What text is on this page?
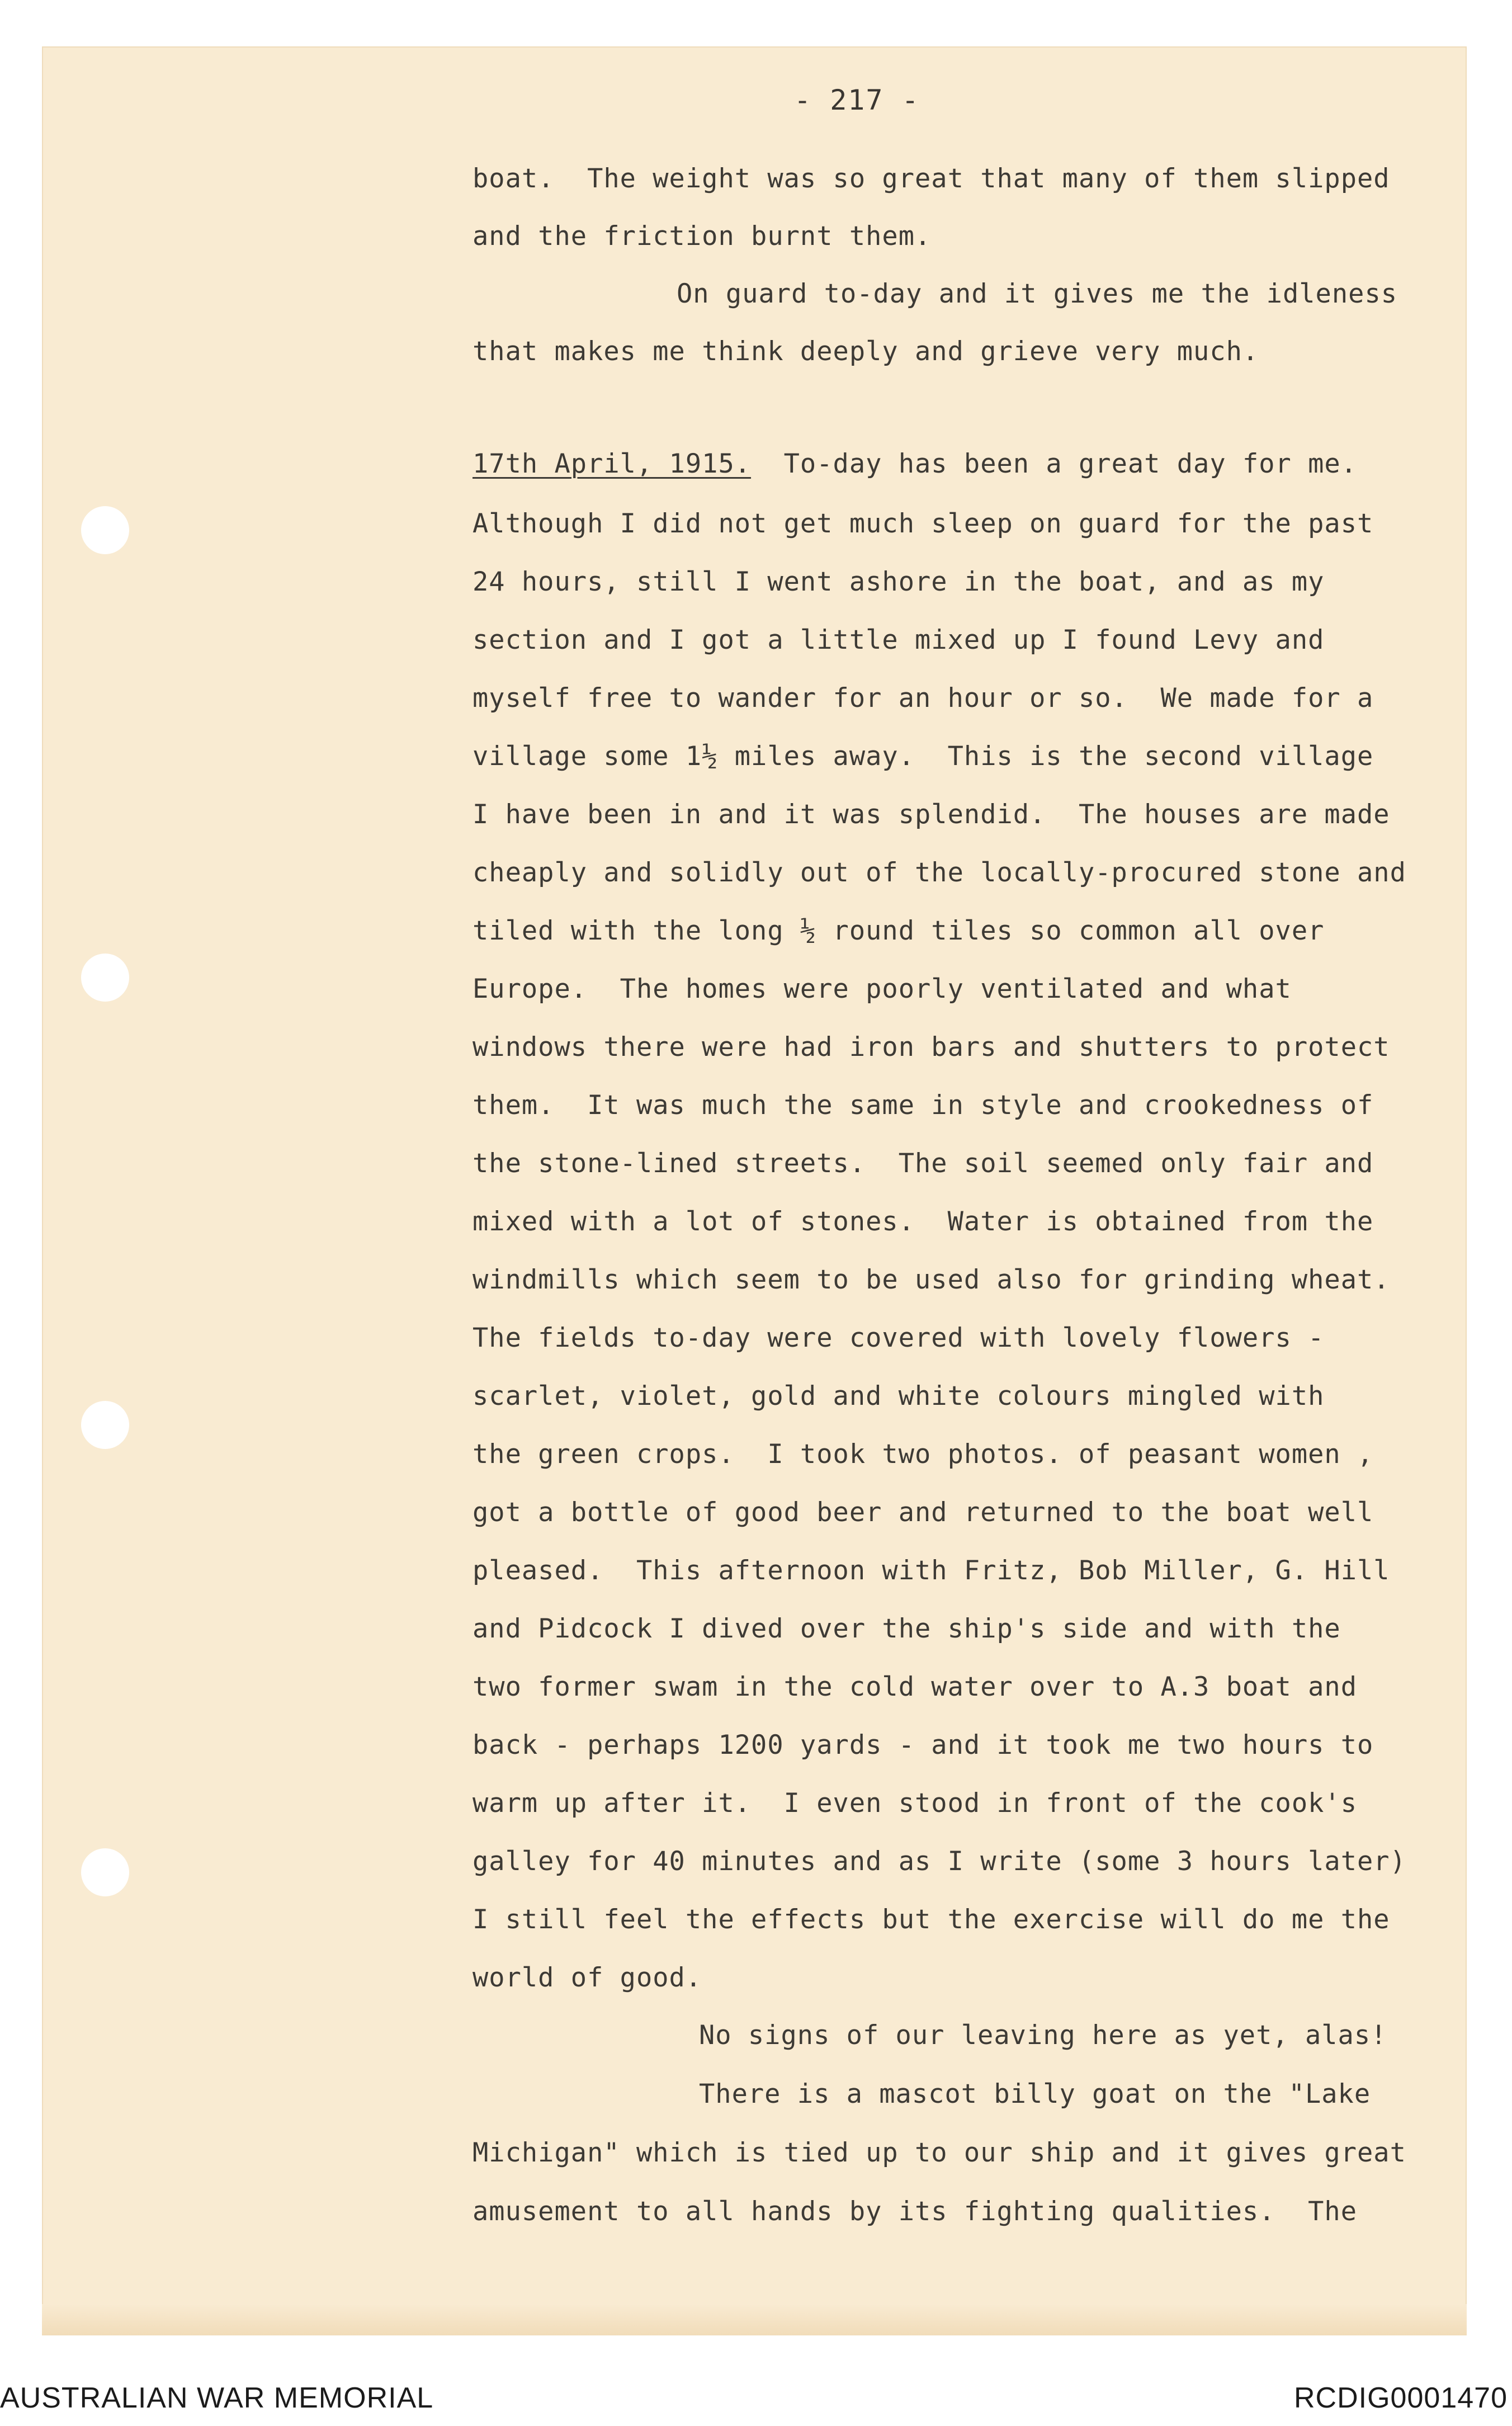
- 217 -
boat.  The weight was so great that many of them slipped
and the friction burnt them.
On guard to-day and it gives me the idleness
that makes me think deeply and grieve very much.
17th April, 1915.  To-day has been a great day for me.
Although I did not get much sleep on guard for the past
24 hours, still I went ashore in the boat, and as my
section and I got a little mixed up I found Levy and
myself free to wander for an hour or so.  We made for a
village some 1½ miles away.  This is the second village
I have been in and it was splendid.  The houses are made
cheaply and solidly out of the locally-procured stone and
tiled with the long ½ round tiles so common all over
Europe.  The homes were poorly ventilated and what
windows there were had iron bars and shutters to protect
them.  It was much the same in style and crookedness of
the stone-lined streets.  The soil seemed only fair and
mixed with a lot of stones.  Water is obtained from the
windmills which seem to be used also for grinding wheat.
The fields to-day were covered with lovely flowers -
scarlet, violet, gold and white colours mingled with
the green crops.  I took two photos. of peasant women ,
got a bottle of good beer and returned to the boat well
pleased.  This afternoon with Fritz, Bob Miller, G. Hill
and Pidcock I dived over the ship's side and with the
two former swam in the cold water over to A.3 boat and
back - perhaps 1200 yards - and it took me two hours to
warm up after it.  I even stood in front of the cook's
galley for 40 minutes and as I write (some 3 hours later)
I still feel the effects but the exercise will do me the
world of good.
No signs of our leaving here as yet, alas!
There is a mascot billy goat on the "Lake
Michigan" which is tied up to our ship and it gives great
amusement to all hands by its fighting qualities.  The
AUSTRALIAN WAR MEMORIAL	RCDIG0001470
